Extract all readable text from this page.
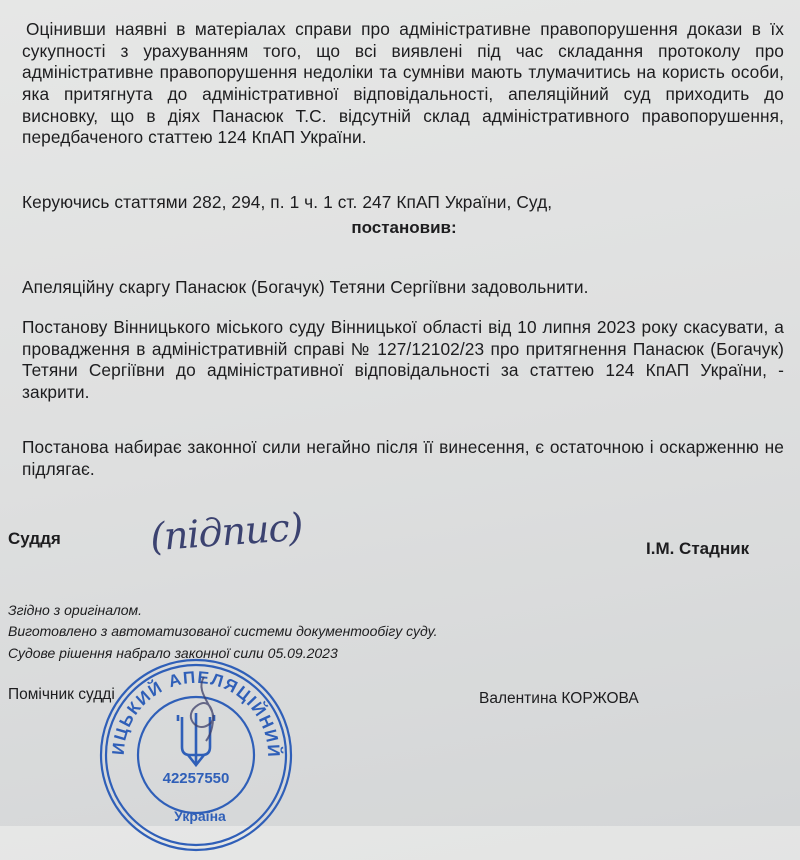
Оцінивши наявні в матеріалах справи про адміністративне правопорушення докази в їх сукупності з урахуванням того, що всі виявлені під час складання протоколу про адміністративне правопорушення недоліки та сумніви мають тлумачитись на користь особи, яка притягнута до адміністративної відповідальності, апеляційний суд приходить до висновку, що в діях Панасюк Т.С. відсутній склад адміністративного правопорушення, передбаченого статтею 124 КпАП України.

Керуючись статтями 282, 294, п. 1 ч. 1 ст. 247 КпАП України, Суд,

постановив:

Апеляційну скаргу Панасюк (Богачук) Тетяни Сергіївни задовольнити.

Постанову Вінницького міського суду Вінницької області від 10 липня 2023 року скасувати, а провадження в адміністративній справі № 127/12102/23 про притягнення Панасюк (Богачук) Тетяни Сергіївни до адміністративної відповідальності за статтею 124 КпАП України, - закрити.

Постанова набирає законної сили негайно після її винесення, є остаточною і оскарженню не підлягає.

Суддя (підпис)	І.М. Стадник
Згідно з оригіналом.
Виготовлено з автоматизованої системи документообігу суду.
Судове рішення набрало законної сили 05.09.2023
Помічник судді	Валентина КОРЖОВА
ИЦЬКИЙ АПЕЛЯЦІЙНИЙ
42257550
Україна
